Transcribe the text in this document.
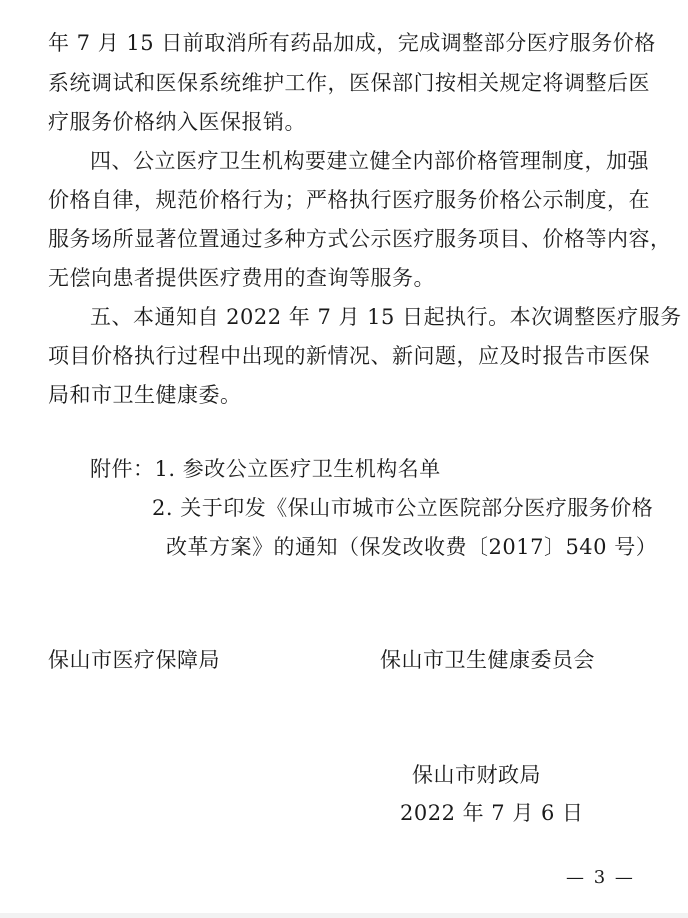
年 7 月 15 日前取消所有药品加成，完成调整部分医疗服务价格
系统调试和医保系统维护工作，医保部门按相关规定将调整后医
疗服务价格纳入医保报销。
四、公立医疗卫生机构要建立健全内部价格管理制度，加强
价格自律，规范价格行为；严格执行医疗服务价格公示制度，在
服务场所显著位置通过多种方式公示医疗服务项目、价格等内容，
无偿向患者提供医疗费用的查询等服务。
五、本通知自 2022 年 7 月 15 日起执行。本次调整医疗服务
项目价格执行过程中出现的新情况、新问题，应及时报告市医保
局和市卫生健康委。
附件：1. 参改公立医疗卫生机构名单
2. 关于印发《保山市城市公立医院部分医疗服务价格
改革方案》的通知（保发改收费〔2017〕540 号）
保山市医疗保障局	保山市卫生健康委员会
保山市财政局
2022 年 7 月 6 日
— 3 —
